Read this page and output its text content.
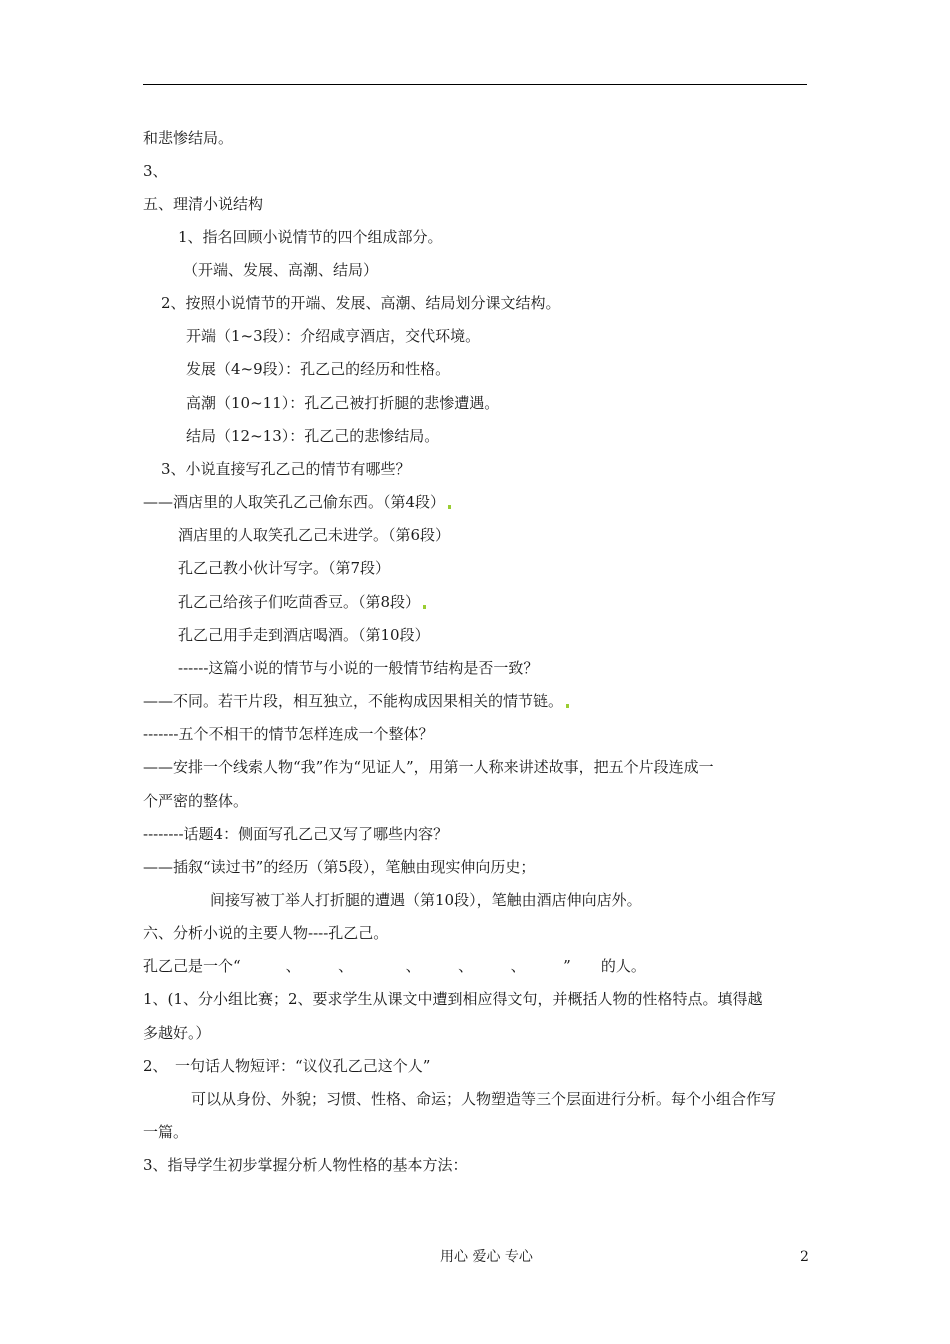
和悲惨结局。
3、
五、理清小说结构
1、指名回顾小说情节的四个组成部分。
（开端、发展、高潮、结局）
2、按照小说情节的开端、发展、高潮、结局划分课文结构。
开端（1~3段）：介绍咸亨酒店，交代环境。
发展（4~9段）：孔乙己的经历和性格。
高潮（10~11）：孔乙己被打折腿的悲惨遭遇。
结局（12~13）：孔乙己的悲惨结局。
3、小说直接写孔乙己的情节有哪些？
——酒店里的人取笑孔乙己偷东西。（第4段）
酒店里的人取笑孔乙己未进学。（第6段）
孔乙己教小伙计写字。（第7段）
孔乙己给孩子们吃茴香豆。（第8段）
孔乙己用手走到酒店喝酒。（第10段）
------这篇小说的情节与小说的一般情节结构是否一致？
——不同。若干片段，相互独立，不能构成因果相关的情节链。
-------五个不相干的情节怎样连成一个整体？
——安排一个线索人物“我”作为“见证人”，用第一人称来讲述故事，把五个片段连成一
个严密的整体。
--------话题4：侧面写孔乙己又写了哪些内容？
——插叙“读过书”的经历（第5段），笔触由现实伸向历史；
间接写被丁举人打折腿的遭遇（第10段），笔触由酒店伸向店外。
六、分析小说的主要人物----孔乙己。
孔乙己是一个“　　　、　　　、　　　　、　　　、　　　、　　　”　　的人。
1、(1、分小组比赛；2、要求学生从课文中遭到相应得文句，并概括人物的性格特点。填得越
多越好。）
2、　一句话人物短评：“议仪孔乙己这个人”
可以从身份、外貌；习惯、性格、命运；人物塑造等三个层面进行分析。每个小组合作写
一篇。
3、指导学生初步掌握分析人物性格的基本方法：
用心 爱心 专心	2
